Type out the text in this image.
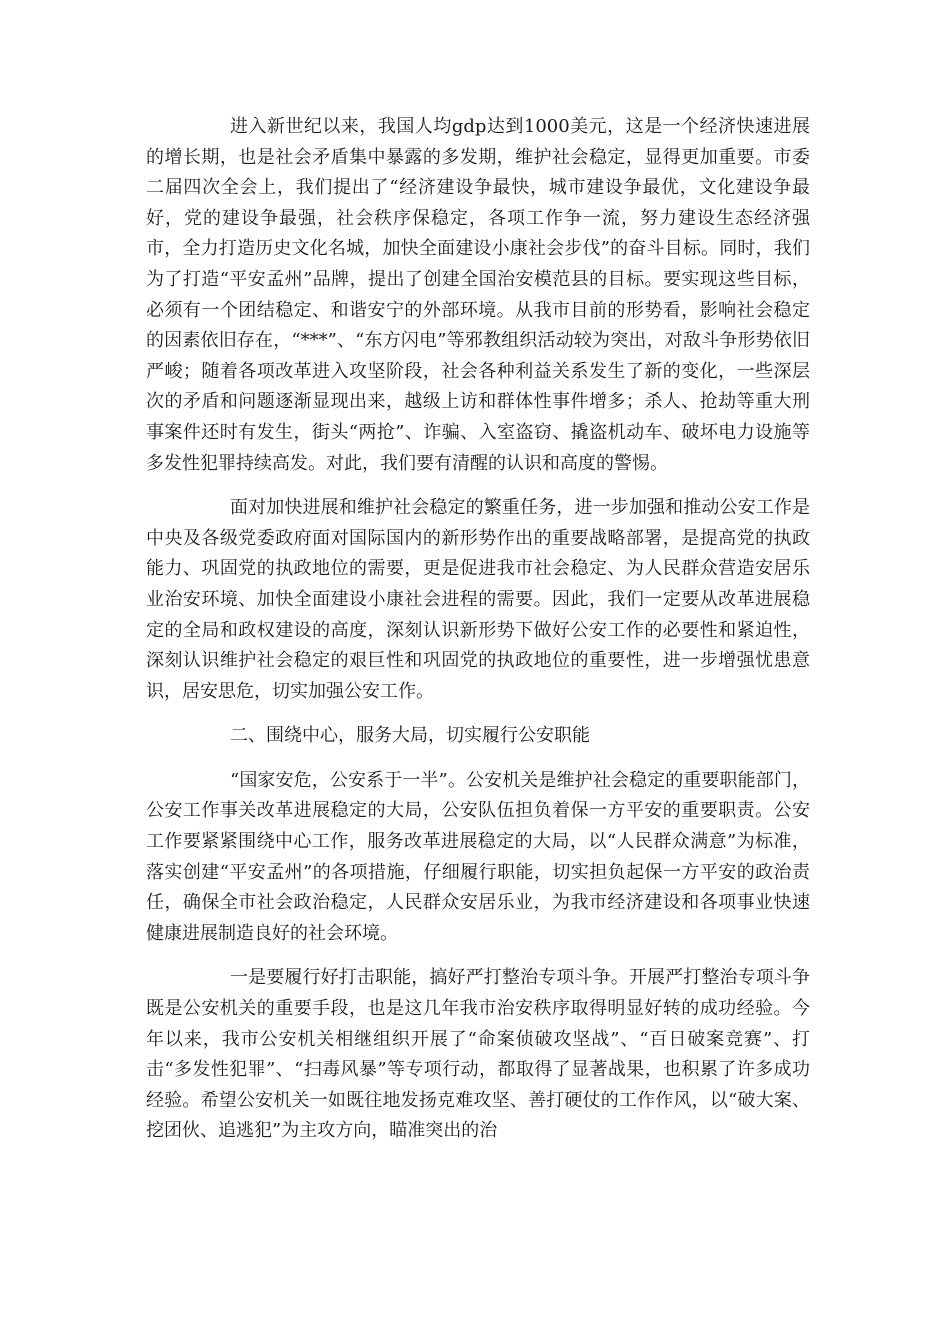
进入新世纪以来，我国人均gdp达到1000美元，这是一个经济快速进展的增长期，也是社会矛盾集中暴露的多发期，维护社会稳定，显得更加重要。市委二届四次全会上，我们提出了“经济建设争最快，城市建设争最优，文化建设争最好，党的建设争最强，社会秩序保稳定，各项工作争一流，努力建设生态经济强市，全力打造历史文化名城，加快全面建设小康社会步伐”的奋斗目标。同时，我们为了打造“平安孟州”品牌，提出了创建全国治安模范县的目标。要实现这些目标，必须有一个团结稳定、和谐安宁的外部环境。从我市目前的形势看，影响社会稳定的因素依旧存在，“***”、“东方闪电”等邪教组织活动较为突出，对敌斗争形势依旧严峻；随着各项改革进入攻坚阶段，社会各种利益关系发生了新的变化，一些深层次的矛盾和问题逐渐显现出来，越级上访和群体性事件增多；杀人、抢劫等重大刑事案件还时有发生，街头“两抢”、诈骗、入室盗窃、撬盗机动车、破坏电力设施等多发性犯罪持续高发。对此，我们要有清醒的认识和高度的警惕。

面对加快进展和维护社会稳定的繁重任务，进一步加强和推动公安工作是中央及各级党委政府面对国际国内的新形势作出的重要战略部署，是提高党的执政能力、巩固党的执政地位的需要，更是促进我市社会稳定、为人民群众营造安居乐业治安环境、加快全面建设小康社会进程的需要。因此，我们一定要从改革进展稳定的全局和政权建设的高度，深刻认识新形势下做好公安工作的必要性和紧迫性，深刻认识维护社会稳定的艰巨性和巩固党的执政地位的重要性，进一步增强忧患意识，居安思危，切实加强公安工作。

二、围绕中心，服务大局，切实履行公安职能

“国家安危，公安系于一半”。公安机关是维护社会稳定的重要职能部门，公安工作事关改革进展稳定的大局，公安队伍担负着保一方平安的重要职责。公安工作要紧紧围绕中心工作，服务改革进展稳定的大局，以“人民群众满意”为标准，落实创建“平安孟州”的各项措施，仔细履行职能，切实担负起保一方平安的政治责任，确保全市社会政治稳定，人民群众安居乐业，为我市经济建设和各项事业快速健康进展制造良好的社会环境。

一是要履行好打击职能，搞好严打整治专项斗争。开展严打整治专项斗争既是公安机关的重要手段，也是这几年我市治安秩序取得明显好转的成功经验。今年以来，我市公安机关相继组织开展了“命案侦破攻坚战”、“百日破案竞赛”、打击“多发性犯罪”、“扫毒风暴”等专项行动，都取得了显著战果，也积累了许多成功经验。希望公安机关一如既往地发扬克难攻坚、善打硬仗的工作作风，以“破大案、挖团伙、追逃犯”为主攻方向，瞄准突出的治
